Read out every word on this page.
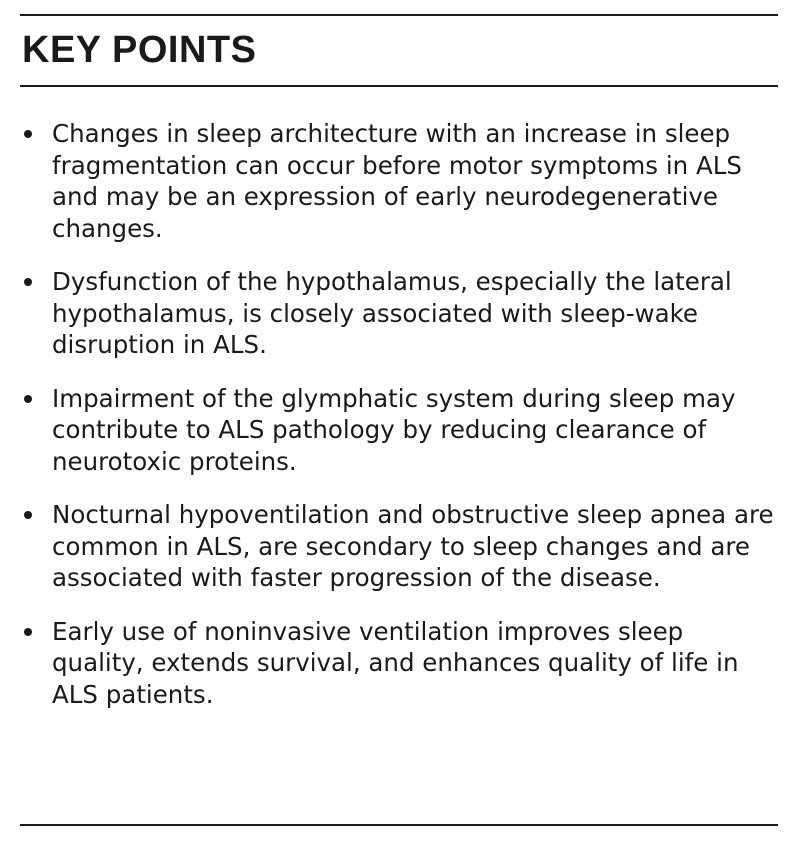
KEY POINTS
Changes in sleep architecture with an increase in sleep fragmentation can occur before motor symptoms in ALS and may be an expression of early neurodegenerative changes.
Dysfunction of the hypothalamus, especially the lateral hypothalamus, is closely associated with sleep-wake disruption in ALS.
Impairment of the glymphatic system during sleep may contribute to ALS pathology by reducing clearance of neurotoxic proteins.
Nocturnal hypoventilation and obstructive sleep apnea are common in ALS, are secondary to sleep changes and are associated with faster progression of the disease.
Early use of noninvasive ventilation improves sleep quality, extends survival, and enhances quality of life in ALS patients.
